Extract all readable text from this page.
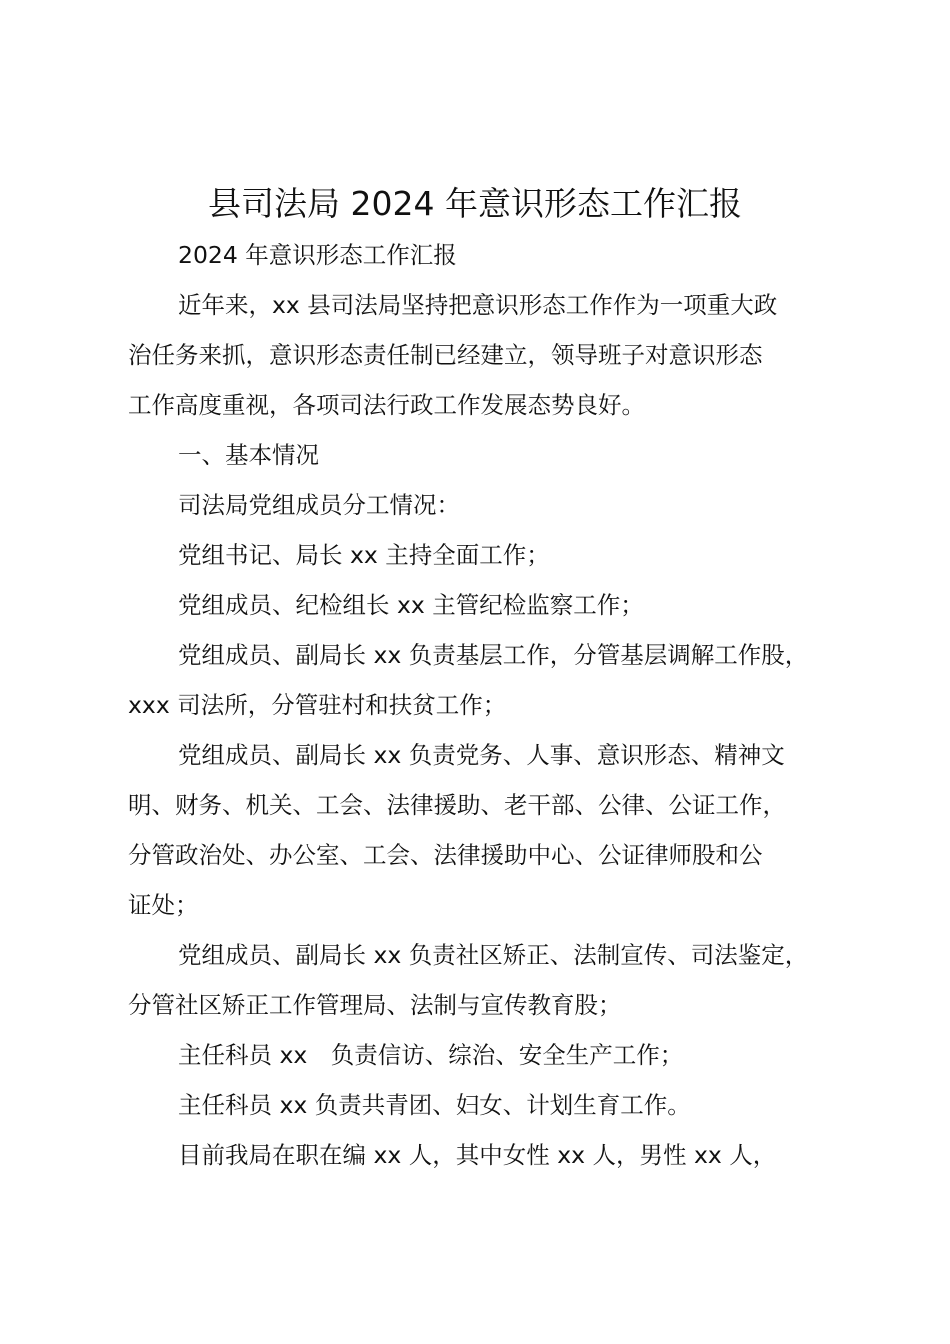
县司法局 2024 年意识形态工作汇报
2024 年意识形态工作汇报
近年来，xx 县司法局坚持把意识形态工作作为一项重大政
治任务来抓，意识形态责任制已经建立，领导班子对意识形态
工作高度重视，各项司法行政工作发展态势良好。
一、基本情况
司法局党组成员分工情况：
党组书记、局长 xx 主持全面工作；
党组成员、纪检组长 xx 主管纪检监察工作；
党组成员、副局长 xx 负责基层工作，分管基层调解工作股，
xxx 司法所，分管驻村和扶贫工作；
党组成员、副局长 xx 负责党务、人事、意识形态、精神文
明、财务、机关、工会、法律援助、老干部、公律、公证工作，
分管政治处、办公室、工会、法律援助中心、公证律师股和公
证处；
党组成员、副局长 xx 负责社区矫正、法制宣传、司法鉴定，
分管社区矫正工作管理局、法制与宣传教育股；
主任科员 xx　负责信访、综治、安全生产工作；
主任科员 xx 负责共青团、妇女、计划生育工作。
目前我局在职在编 xx 人，其中女性 xx 人，男性 xx 人，
